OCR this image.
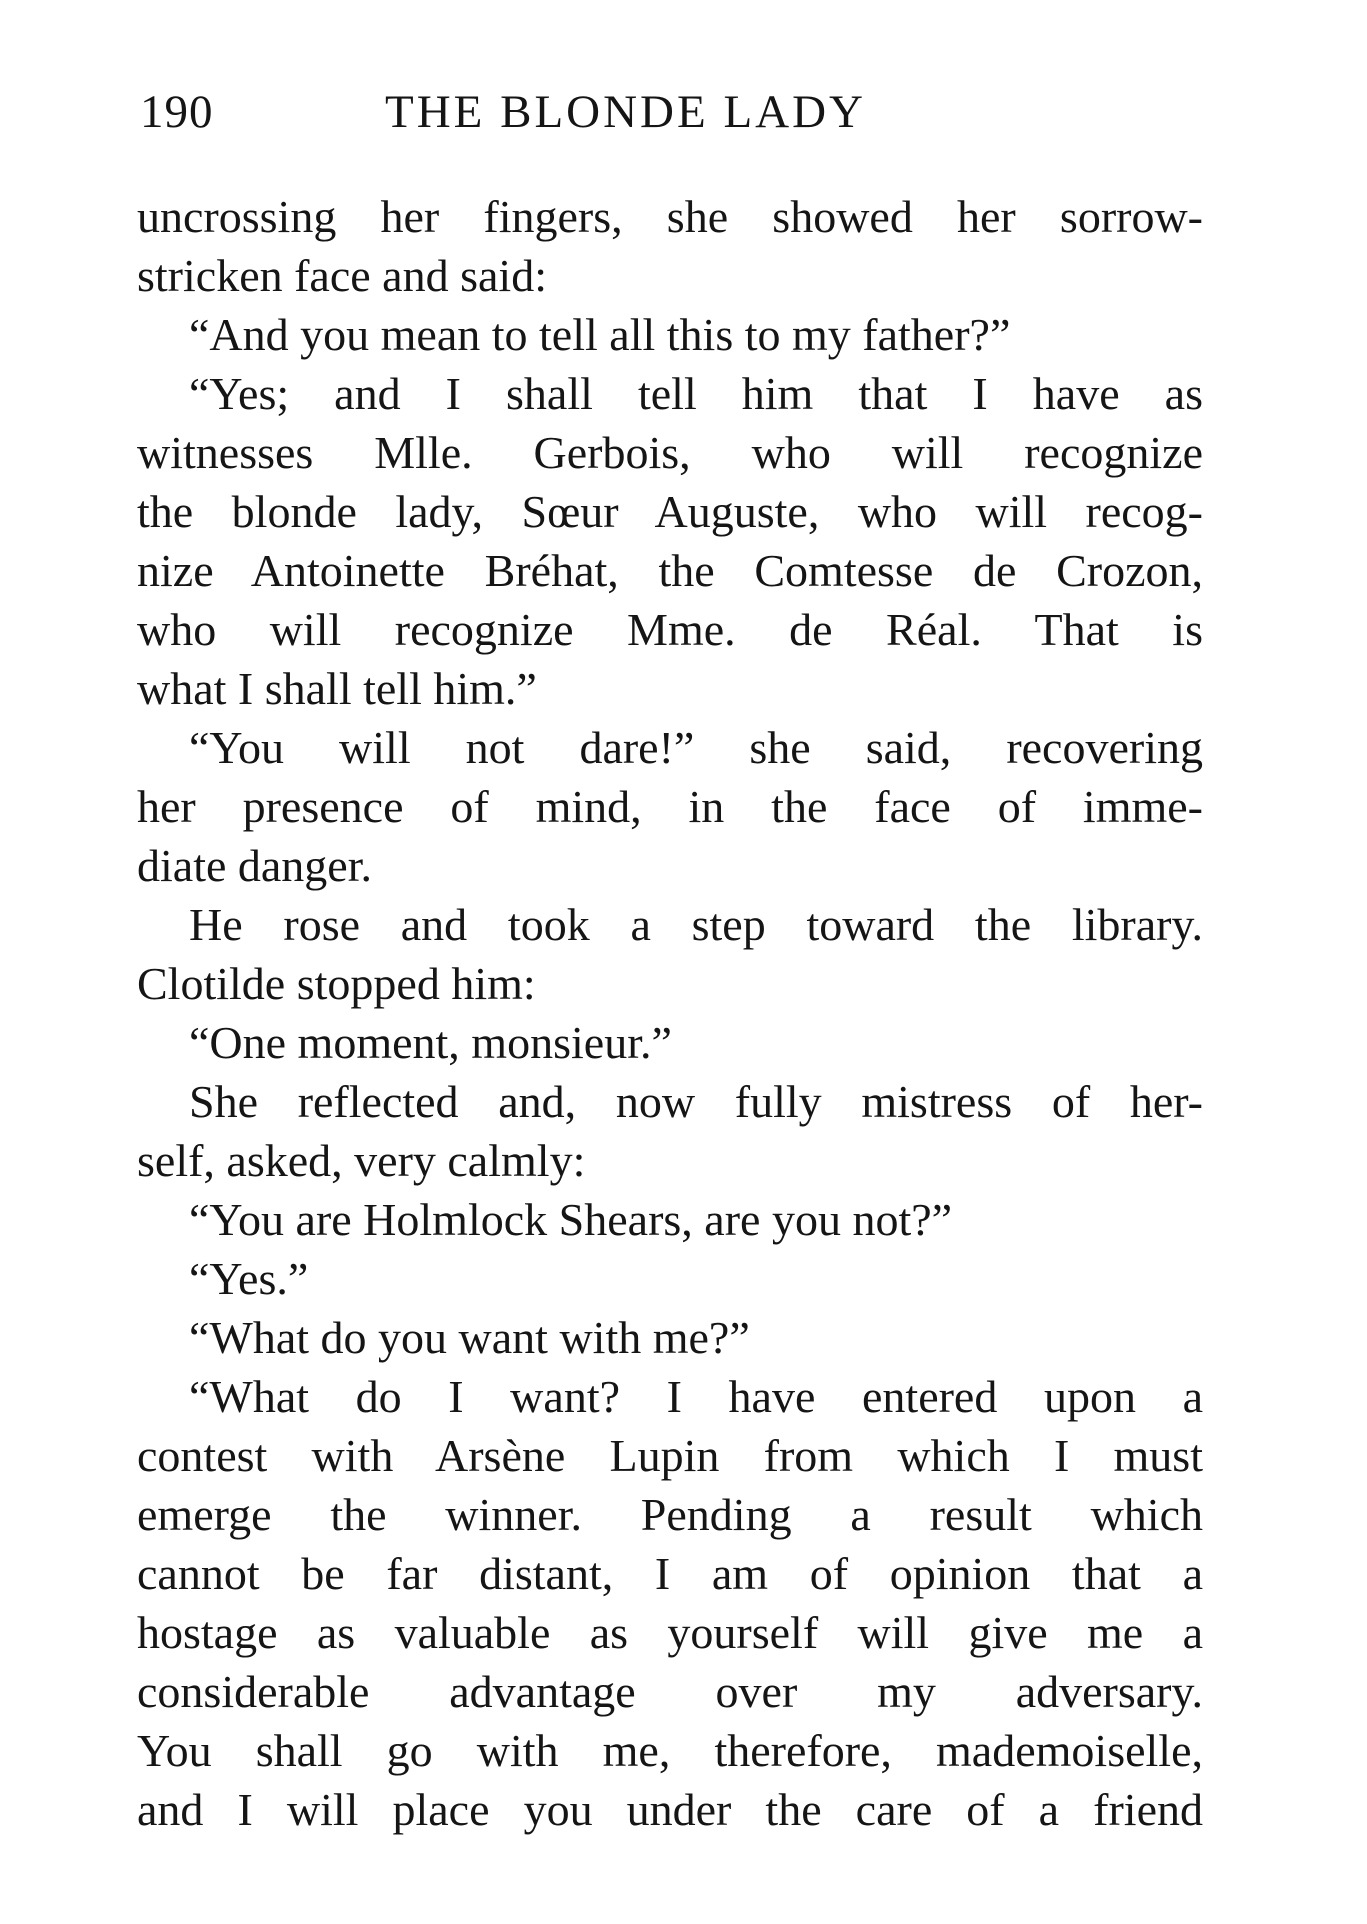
190	THE BLONDE LADY
uncrossing her fingers, she showed her sorrow-
stricken face and said:
“And you mean to tell all this to my father?”
“Yes; and I shall tell him that I have as
witnesses Mlle. Gerbois, who will recognize
the blonde lady, Sœur Auguste, who will recog-
nize Antoinette Bréhat, the Comtesse de Crozon,
who will recognize Mme. de Réal. That is
what I shall tell him.”
“You will not dare!” she said, recovering
her presence of mind, in the face of imme-
diate danger.
He rose and took a step toward the library.
Clotilde stopped him:
“One moment, monsieur.”
She reflected and, now fully mistress of her-
self, asked, very calmly:
“You are Holmlock Shears, are you not?”
“Yes.”
“What do you want with me?”
“What do I want? I have entered upon a
contest with Arsène Lupin from which I must
emerge the winner. Pending a result which
cannot be far distant, I am of opinion that a
hostage as valuable as yourself will give me a
considerable advantage over my adversary.
You shall go with me, therefore, mademoiselle,
and I will place you under the care of a friend
